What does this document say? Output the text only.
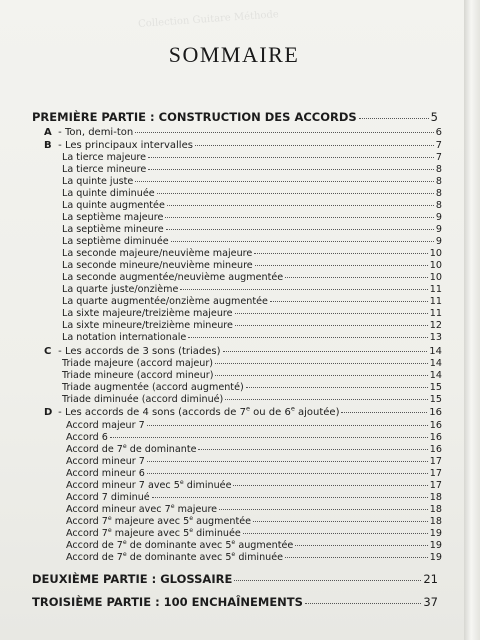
Collection Guitare Méthode
SOMMAIRE
PREMIÈRE PARTIE : CONSTRUCTION DES ACCORDS	5
A - Ton, demi-ton	6
B - Les principaux intervalles	7
La tierce majeure	7
La tierce mineure	8
La quinte juste	8
La quinte diminuée	8
La quinte augmentée	8
La septième majeure	9
La septième mineure	9
La septième diminuée	9
La seconde majeure/neuvième majeure	10
La seconde mineure/neuvième mineure	10
La seconde augmentée/neuvième augmentée	10
La quarte juste/onzième	11
La quarte augmentée/onzième augmentée	11
La sixte majeure/treizième majeure	11
La sixte mineure/treizième mineure	12
La notation internationale	13
C - Les accords de 3 sons (triades)	14
Triade majeure (accord majeur)	14
Triade mineure (accord mineur)	14
Triade augmentée (accord augmenté)	15
Triade diminuée (accord diminué)	15
D - Les accords de 4 sons (accords de 7e ou de 6e ajoutée)	16
Accord majeur 7	16
Accord 6	16
Accord de 7e de dominante	16
Accord mineur 7	17
Accord mineur 6	17
Accord mineur 7 avec 5e diminuée	17
Accord 7 diminué	18
Accord mineur avec 7e majeure	18
Accord 7e majeure avec 5e augmentée	18
Accord 7e majeure avec 5e diminuée	19
Accord de 7e de dominante avec 5e augmentée	19
Accord de 7e de dominante avec 5e diminuée	19
DEUXIÈME PARTIE : GLOSSAIRE	21
TROISIÈME PARTIE : 100 ENCHAÎNEMENTS	37
